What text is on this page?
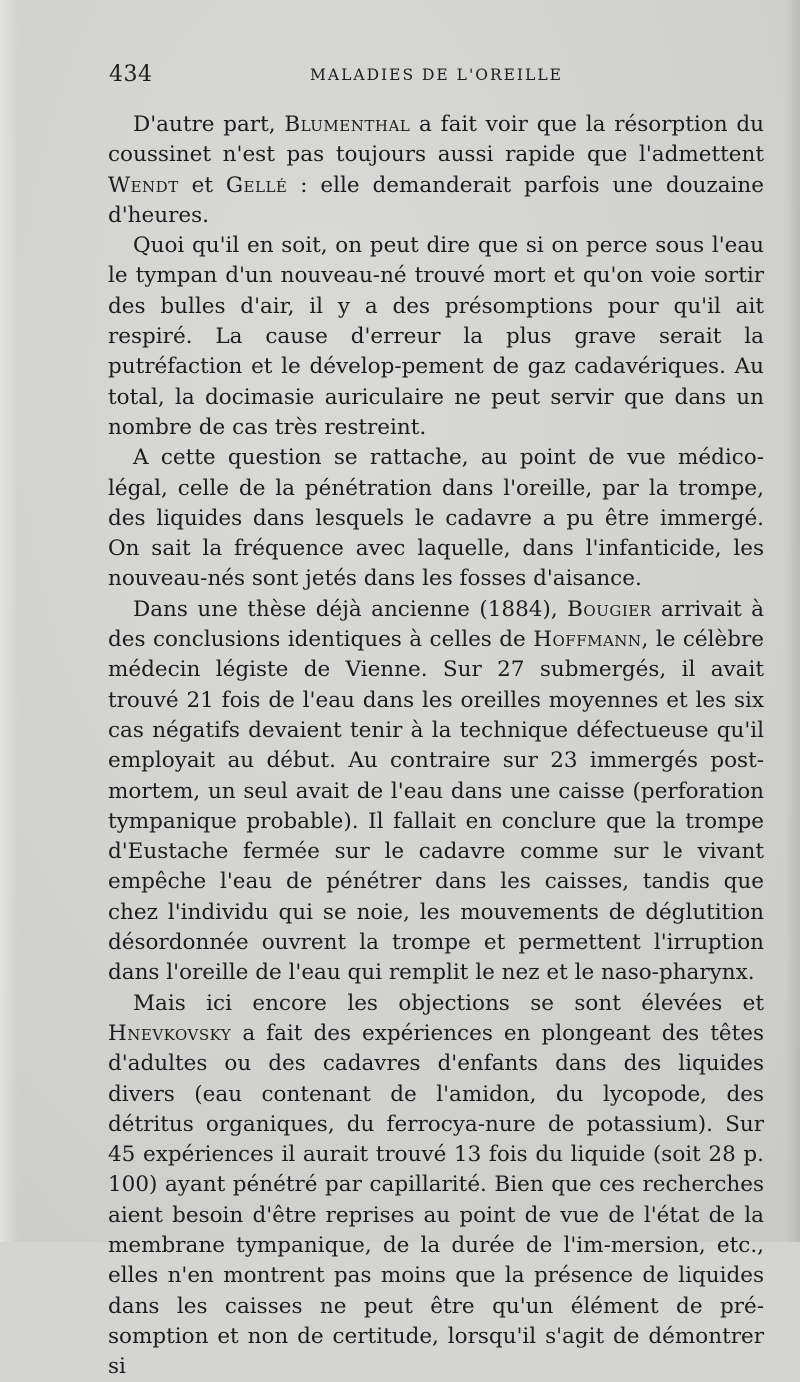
434	MALADIES DE L'OREILLE

D'autre part, Blumenthal a fait voir que la résorption du coussinet n'est pas toujours aussi rapide que l'admettent Wendt et Gellé : elle demanderait parfois une douzaine d'heures.

Quoi qu'il en soit, on peut dire que si on perce sous l'eau le tympan d'un nouveau-né trouvé mort et qu'on voie sortir des bulles d'air, il y a des présomptions pour qu'il ait respiré. La cause d'erreur la plus grave serait la putréfaction et le dévelop-pement de gaz cadavériques. Au total, la docimasie auriculaire ne peut servir que dans un nombre de cas très restreint.

A cette question se rattache, au point de vue médico-légal, celle de la pénétration dans l'oreille, par la trompe, des liquides dans lesquels le cadavre a pu être immergé. On sait la fréquence avec laquelle, dans l'infanticide, les nouveau-nés sont jetés dans les fosses d'aisance.

Dans une thèse déjà ancienne (1884), Bougier arrivait à des conclusions identiques à celles de Hoffmann, le célèbre médecin légiste de Vienne. Sur 27 submergés, il avait trouvé 21 fois de l'eau dans les oreilles moyennes et les six cas négatifs devaient tenir à la technique défectueuse qu'il employait au début. Au contraire sur 23 immergés post-mortem, un seul avait de l'eau dans une caisse (perforation tympanique probable). Il fallait en conclure que la trompe d'Eustache fermée sur le cadavre comme sur le vivant empêche l'eau de pénétrer dans les caisses, tandis que chez l'individu qui se noie, les mouvements de déglutition désordonnée ouvrent la trompe et permettent l'irruption dans l'oreille de l'eau qui remplit le nez et le naso-pharynx.

Mais ici encore les objections se sont élevées et Hnevkovsky a fait des expériences en plongeant des têtes d'adultes ou des cadavres d'enfants dans des liquides divers (eau contenant de l'amidon, du lycopode, des détritus organiques, du ferrocya-nure de potassium). Sur 45 expériences il aurait trouvé 13 fois du liquide (soit 28 p. 100) ayant pénétré par capillarité. Bien que ces recherches aient besoin d'être reprises au point de vue de l'état de la membrane tympanique, de la durée de l'im-mersion, etc., elles n'en montrent pas moins que la présence de liquides dans les caisses ne peut être qu'un élément de pré-somption et non de certitude, lorsqu'il s'agit de démontrer si
